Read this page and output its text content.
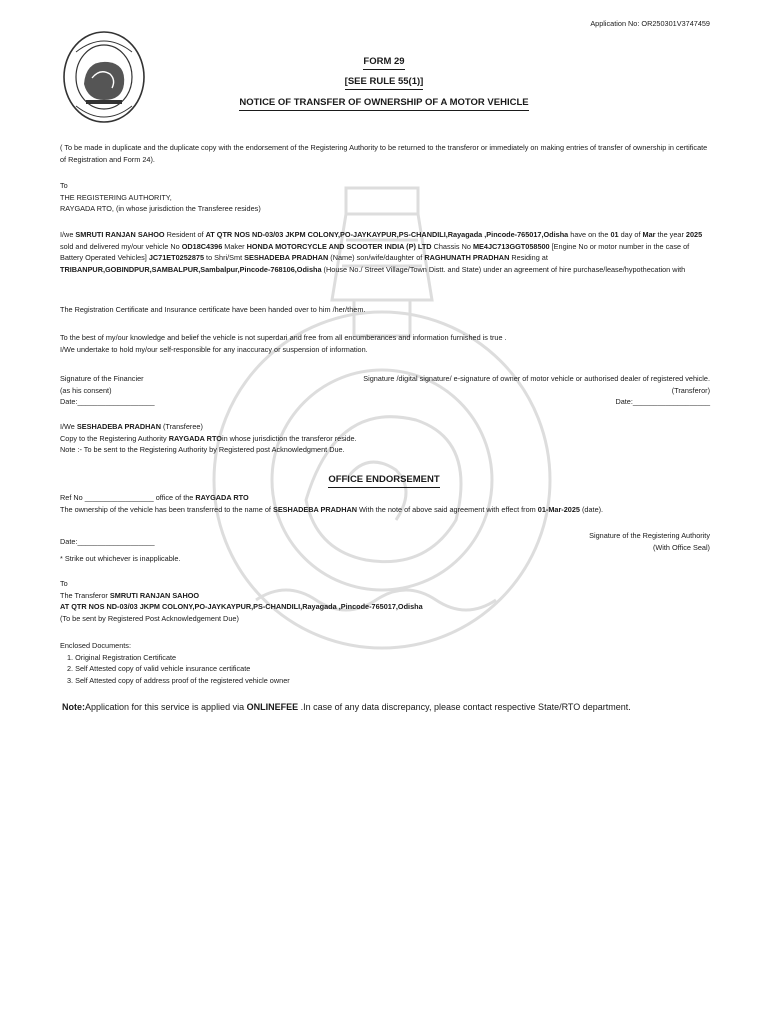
Application No: OR250301V3747459
FORM 29
[SEE RULE 55(1)]
NOTICE OF TRANSFER OF OWNERSHIP OF A MOTOR VEHICLE
( To be made in duplicate and the duplicate copy with the endorsement of the Registering Authority to be returned to the transferor or immediately on making entries of transfer of ownership in certificate of Registration and Form 24).
To
THE REGISTERING AUTHORITY,
RAYGADA RTO, (in whose jurisdiction the Transferee resides)
I/we SMRUTI RANJAN SAHOO Resident of AT QTR NOS ND-03/03 JKPM COLONY,PO-JAYKAYPUR,PS-CHANDILI,Rayagada ,Pincode-765017,Odisha have on the 01 day of Mar the year 2025 sold and delivered my/our vehicle No OD18C4396 Maker HONDA MOTORCYCLE AND SCOOTER INDIA (P) LTD Chassis No ME4JC713GGT058500 [Engine No or motor number in the case of Battery Operated Vehicles] JC71ET0252875 to Shri/Smt SESHADEBA PRADHAN (Name) son/wife/daughter of RAGHUNATH PRADHAN Residing at TRIBANPUR,GOBINDPUR,SAMBALPUR,Sambalpur,Pincode-768106,Odisha (House No./ Street Village/Town Distt. and State) under an agreement of hire purchase/lease/hypothecation with
The Registration Certificate and Insurance certificate have been handed over to him /her/them.
To the best of my/our knowledge and belief the vehicle is not superdari and free from all encumberances and information furnished is true .
I/We undertake to hold my/our self-responsible for any inaccuracy or suspension of information.
Signature of the Financier
(as his consent)
Date:___________________
Signature /digital signature/ e-signature of owner of motor vehicle or authorised dealer of registered vehicle.
(Transferor)
Date:___________________
I/We SESHADEBA PRADHAN (Transferee)
Copy to the Registering Authority RAYGADA RTOin whose jurisdiction the transferor reside.
Note :- To be sent to the Registering Authority by Registered post Acknowledgment Due.
OFFICE ENDORSEMENT
Ref No _________________ office of the RAYGADA RTO
The ownership of the vehicle has been transferred to the name of SESHADEBA PRADHAN With the note of above said agreement with effect from 01-Mar-2025 (date).
Signature of the Registering Authority
(With Office Seal)
Date:___________________
* Strike out whichever is inapplicable.
To
The Transferor SMRUTI RANJAN SAHOO
AT QTR NOS ND-03/03 JKPM COLONY,PO-JAYKAYPUR,PS-CHANDILI,Rayagada ,Pincode-765017,Odisha
(To be sent by Registered Post Acknowledgement Due)
Enclosed Documents:
1. Original Registration Certificate
2. Self Attested copy of valid vehicle insurance certificate
3. Self Attested copy of address proof of the registered vehicle owner
Note:Application for this service is applied via ONLINEFEE .In case of any data discrepancy, please contact respective State/RTO department.
